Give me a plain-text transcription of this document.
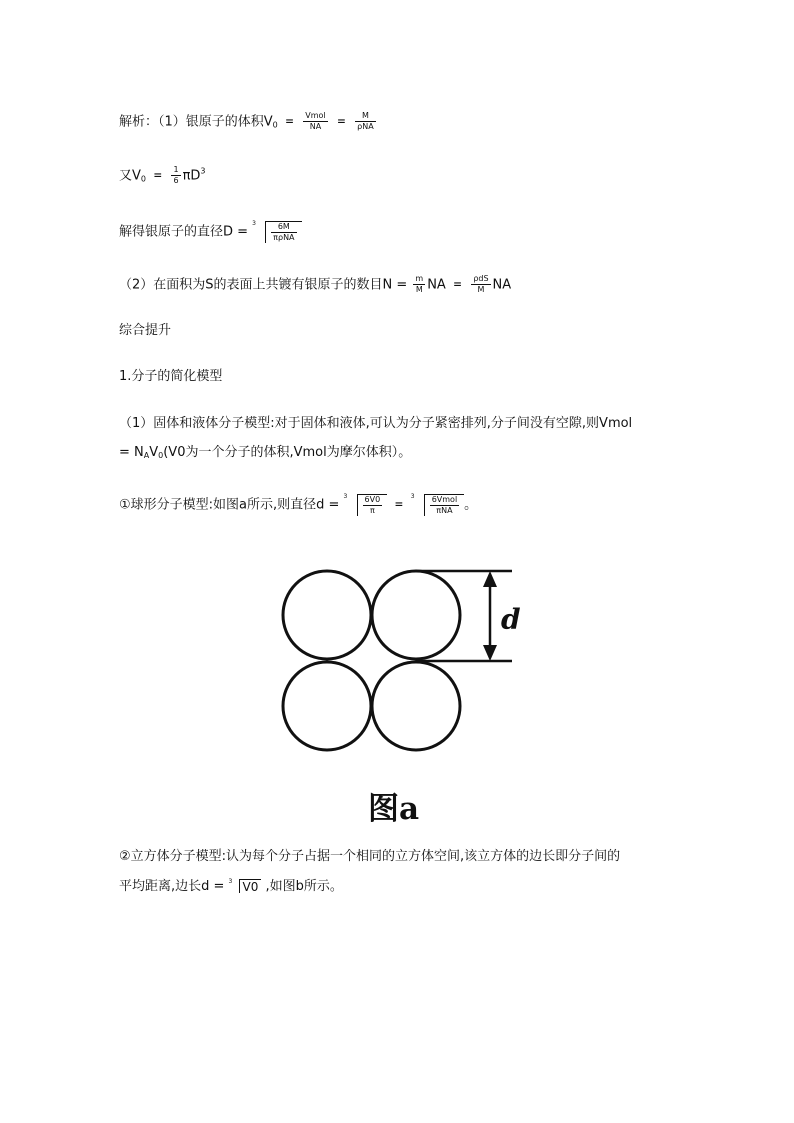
解析：（1）银原子的体积$V_0 = \frac{\text{Vmol}}{NA} = \frac{M}{\text{ρNA}}$
又$V_0 = \frac{1}{6} \pi D^3$
解得银原子的直径D =
$3 \frac{6M}{\text{πρNA}}$
（2）在面积为S的表面上共镀有银原子的数目$N = \frac{m}{M}$ NA = $\frac{\text{ρdS}}{M}$ NA
综合提升
1.分子的简化模型
（1）固体和液体分子模型:对于固体和液体,可认为分子紧密排列,分子间没有空隙,则Vmol
= $N_AV_0(V0$为一个分子的体积,Vmol为摩尔体积）。
①球形分子模型:如图a所示,则直径d =
$3 \frac{6V0}{\pi}$ =
$3 \frac{\text{6Vmol}}{\text{πNA}}$ 。
d
图a
②立方体分子模型:认为每个分子占据一个相同的立方体空间,该立方体的边长即分子间的
平均距离,边长d = 3 V0 ,如图b所示。
